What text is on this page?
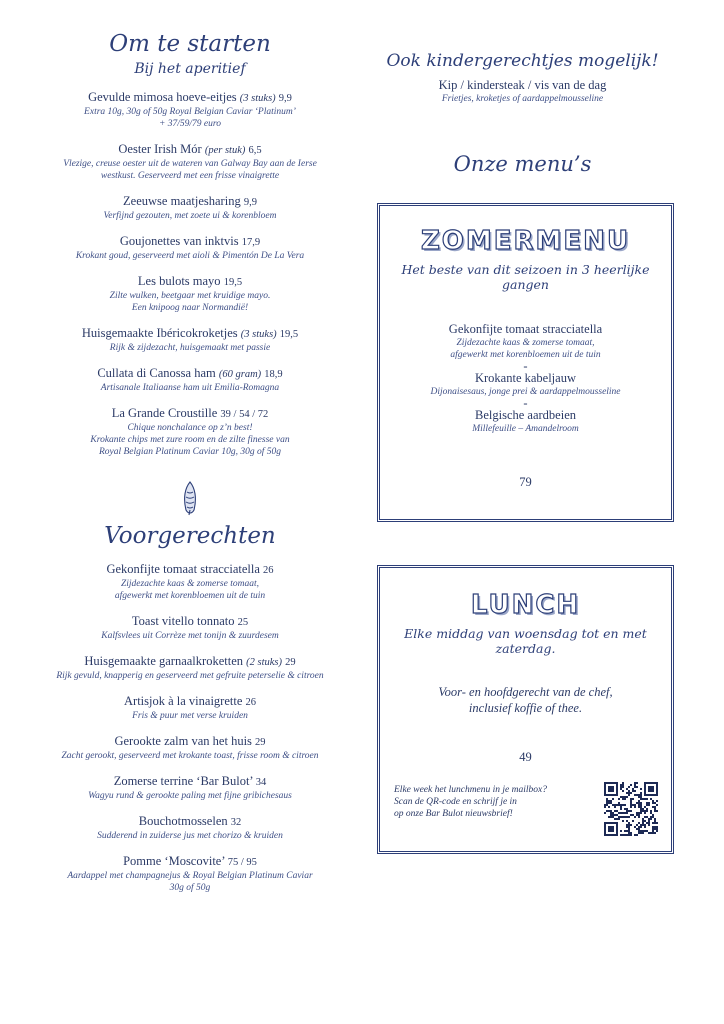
Om te starten
Bij het aperitief
Gevulde mimosa hoeve-eitjes (3 stuks) 9,9
Extra 10g, 30g of 50g Royal Belgian Caviar ‘Platinum’
+ 37/59/79 euro
Oester Irish Mór (per stuk) 6,5
Vlezige, creuse oester uit de wateren van Galway Bay aan de Ierse
westkust. Geserveerd met een frisse vinaigrette
Zeeuwse maatjesharing 9,9
Verfijnd gezouten, met zoete ui & korenbloem
Goujonettes van inktvis 17,9
Krokant goud, geserveerd met aioli & Pimentón De La Vera
Les bulots mayo 19,5
Zilte wulken, beetgaar met kruidige mayo.
Een knipoog naar Normandië!
Huisgemaakte Ibéricokroketjes (3 stuks) 19,5
Rijk & zijdezacht, huisgemaakt met passie
Cullata di Canossa ham (60 gram) 18,9
Artisanale Italiaanse ham uit Emilia-Romagna
La Grande Croustille 39 / 54 / 72
Chique nonchalance op z’n best!
Krokante chips met zure room en de zilte finesse van
Royal Belgian Platinum Caviar 10g, 30g of 50g
Voorgerechten
Gekonfijte tomaat stracciatella 26
Zijdezachte kaas & zomerse tomaat,
afgewerkt met korenbloemen uit de tuin
Toast vitello tonnato 25
Kalfsvlees uit Corrèze met tonijn & zuurdesem
Huisgemaakte garnaalkroketten (2 stuks) 29
Rijk gevuld, knapperig en geserveerd met gefruite peterselie & citroen
Artisjok à la vinaigrette 26
Fris & puur met verse kruiden
Gerookte zalm van het huis 29
Zacht gerookt, geserveerd met krokante toast, frisse room & citroen
Zomerse terrine ‘Bar Bulot’ 34
Wagyu rund & gerookte paling met fijne gribichesaus
Bouchotmosselen 32
Sudderend in zuiderse jus met chorizo & kruiden
Pomme ‘Moscovite’ 75 / 95
Aardappel met champagnejus & Royal Belgian Platinum Caviar
30g of 50g
Ook kindergerechtjes mogelijk!
Kip / kindersteak / vis van de dag
Frietjes, kroketjes of aardappelmousseline
Onze menu’s
ZOMERMENU
Het beste van dit seizoen in 3 heerlijke gangen
Gekonfijte tomaat stracciatella
Zijdezachte kaas & zomerse tomaat,
afgewerkt met korenbloemen uit de tuin
-
Krokante kabeljauw
Dijonaisesaus, jonge prei & aardappelmousseline
-
Belgische aardbeien
Millefeuille – Amandelroom
79
LUNCH
Elke middag van woensdag tot en met zaterdag.
Voor- en hoofdgerecht van de chef,
inclusief koffie of thee.
49
Elke week het lunchmenu in je mailbox?
Scan de QR-code en schrijf je in
op onze Bar Bulot nieuwsbrief!
